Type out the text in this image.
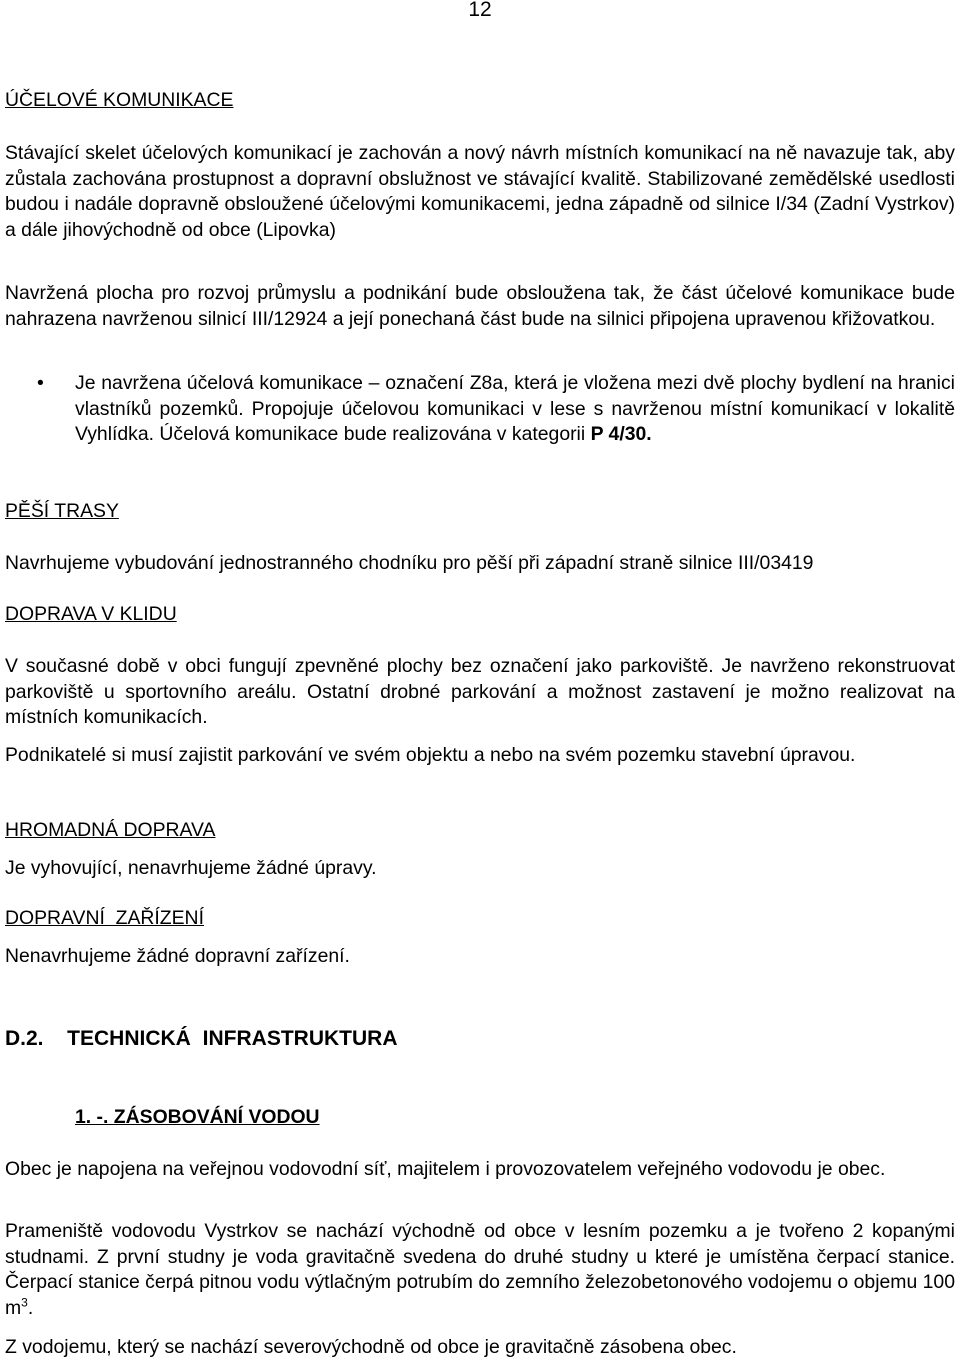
12
ÚČELOVÉ KOMUNIKACE

Stávající skelet účelových komunikací je zachován a nový návrh místních komunikací na ně navazuje tak, aby zůstala zachována prostupnost a dopravní obslužnost ve stávající kvalitě. Stabilizované zemědělské usedlosti budou i nadále dopravně obsloužené účelovými komunikacemi, jedna západně od silnice I/34 (Zadní Vystrkov) a dále jihovýchodně od obce (Lipovka)

Navržená plocha pro rozvoj průmyslu a podnikání bude obsloužena tak, že část účelové komunikace bude nahrazena navrženou silnicí III/12924 a její ponechaná část bude na silnici připojena upravenou křižovatkou.

• Je navržena účelová komunikace – označení Z8a, která je vložena mezi dvě plochy bydlení na hranici vlastníků pozemků. Propojuje účelovou komunikaci v lese s navrženou místní komunikací v lokalitě Vyhlídka. Účelová komunikace bude realizována v kategorii P 4/30.

PĚŠÍ TRASY

Navrhujeme vybudování jednostranného chodníku pro pěší při západní straně silnice III/03419

DOPRAVA V KLIDU

V současné době v obci fungují zpevněné plochy bez označení jako parkoviště. Je navrženo rekonstruovat parkoviště u sportovního areálu. Ostatní drobné parkování a možnost zastavení je možno realizovat na místních komunikacích.

Podnikatelé si musí zajistit parkování ve svém objektu a nebo na svém pozemku stavební úpravou.

HROMADNÁ DOPRAVA

Je vyhovující, nenavrhujeme žádné úpravy.

DOPRAVNÍ  ZAŘÍZENÍ

Nenavrhujeme žádné dopravní zařízení.

D.2.  TECHNICKÁ INFRASTRUKTURA
1. -. ZÁSOBOVÁNÍ VODOU

Obec je napojena na veřejnou vodovodní síť, majitelem i provozovatelem veřejného vodovodu je obec.

Prameniště vodovodu Vystrkov se nachází východně od obce v lesním pozemku a je tvořeno 2 kopanými studnami. Z první studny je voda gravitačně svedena do druhé studny u které je umístěna čerpací stanice. Čerpací stanice čerpá pitnou vodu výtlačným potrubím do zemního železobetonového vodojemu o objemu 100 $m^3$.

Z vodojemu, který se nachází severovýchodně od obce je gravitačně zásobena obec.
